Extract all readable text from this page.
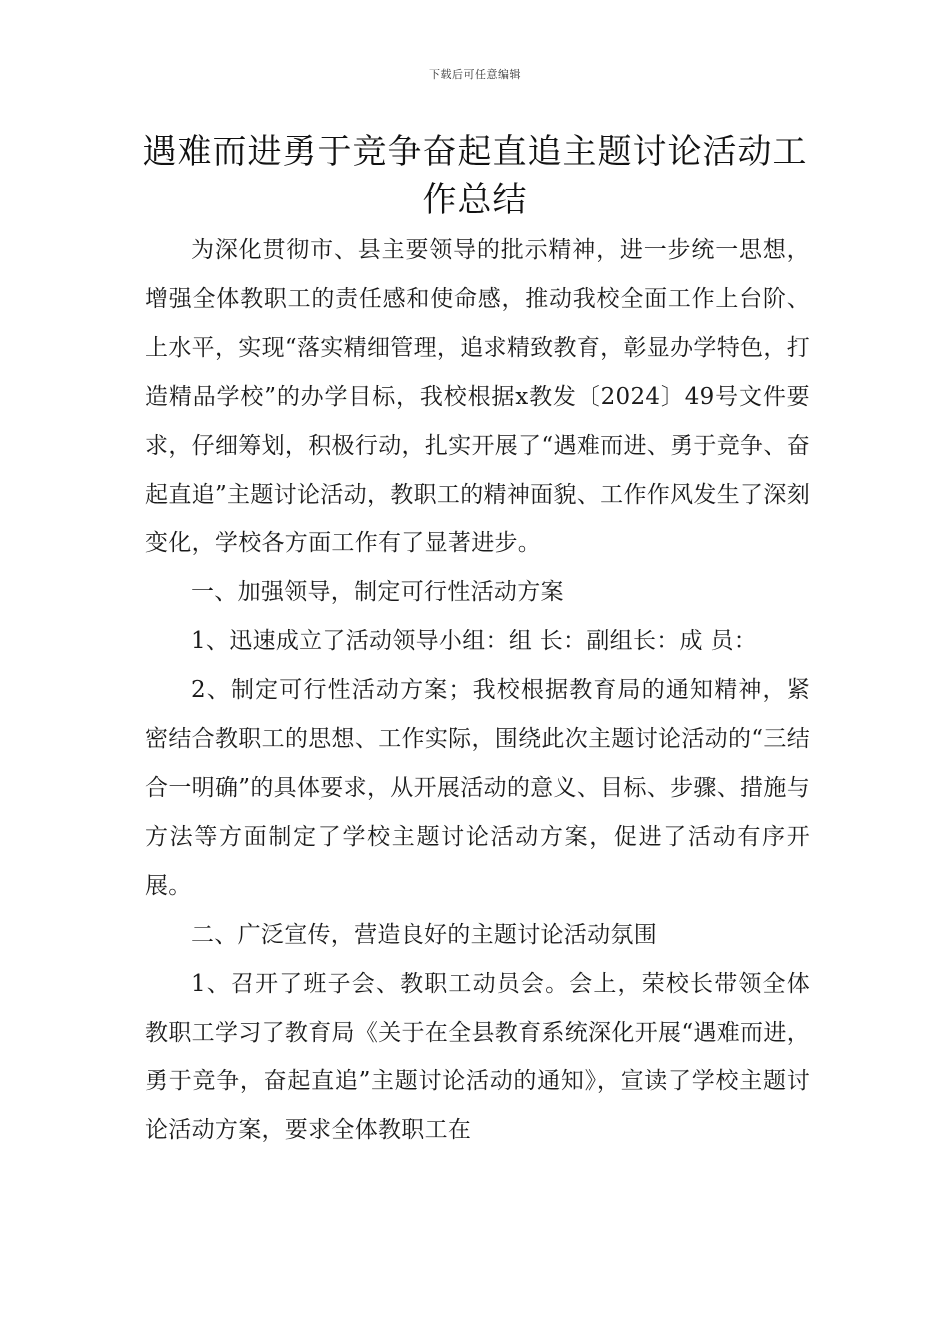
下载后可任意编辑
遇难而进勇于竞争奋起直追主题讨论活动工作总结

为深化贯彻市、县主要领导的批示精神，进一步统一思想，增强全体教职工的责任感和使命感，推动我校全面工作上台阶、上水平，实现“落实精细管理，追求精致教育，彰显办学特色，打造精品学校”的办学目标，我校根据x教发〔2024〕49号文件要求，仔细筹划，积极行动，扎实开展了“遇难而进、勇于竞争、奋起直追”主题讨论活动，教职工的精神面貌、工作作风发生了深刻变化，学校各方面工作有了显著进步。

一、加强领导，制定可行性活动方案

1、迅速成立了活动领导小组：组 长：副组长：成 员：

2、制定可行性活动方案；我校根据教育局的通知精神，紧密结合教职工的思想、工作实际，围绕此次主题讨论活动的“三结合一明确”的具体要求，从开展活动的意义、目标、步骤、措施与方法等方面制定了学校主题讨论活动方案，促进了活动有序开展。

二、广泛宣传，营造良好的主题讨论活动氛围

1、召开了班子会、教职工动员会。会上，荣校长带领全体教职工学习了教育局《关于在全县教育系统深化开展“遇难而进，勇于竞争，奋起直追”主题讨论活动的通知》，宣读了学校主题讨论活动方案，要求全体教职工在
